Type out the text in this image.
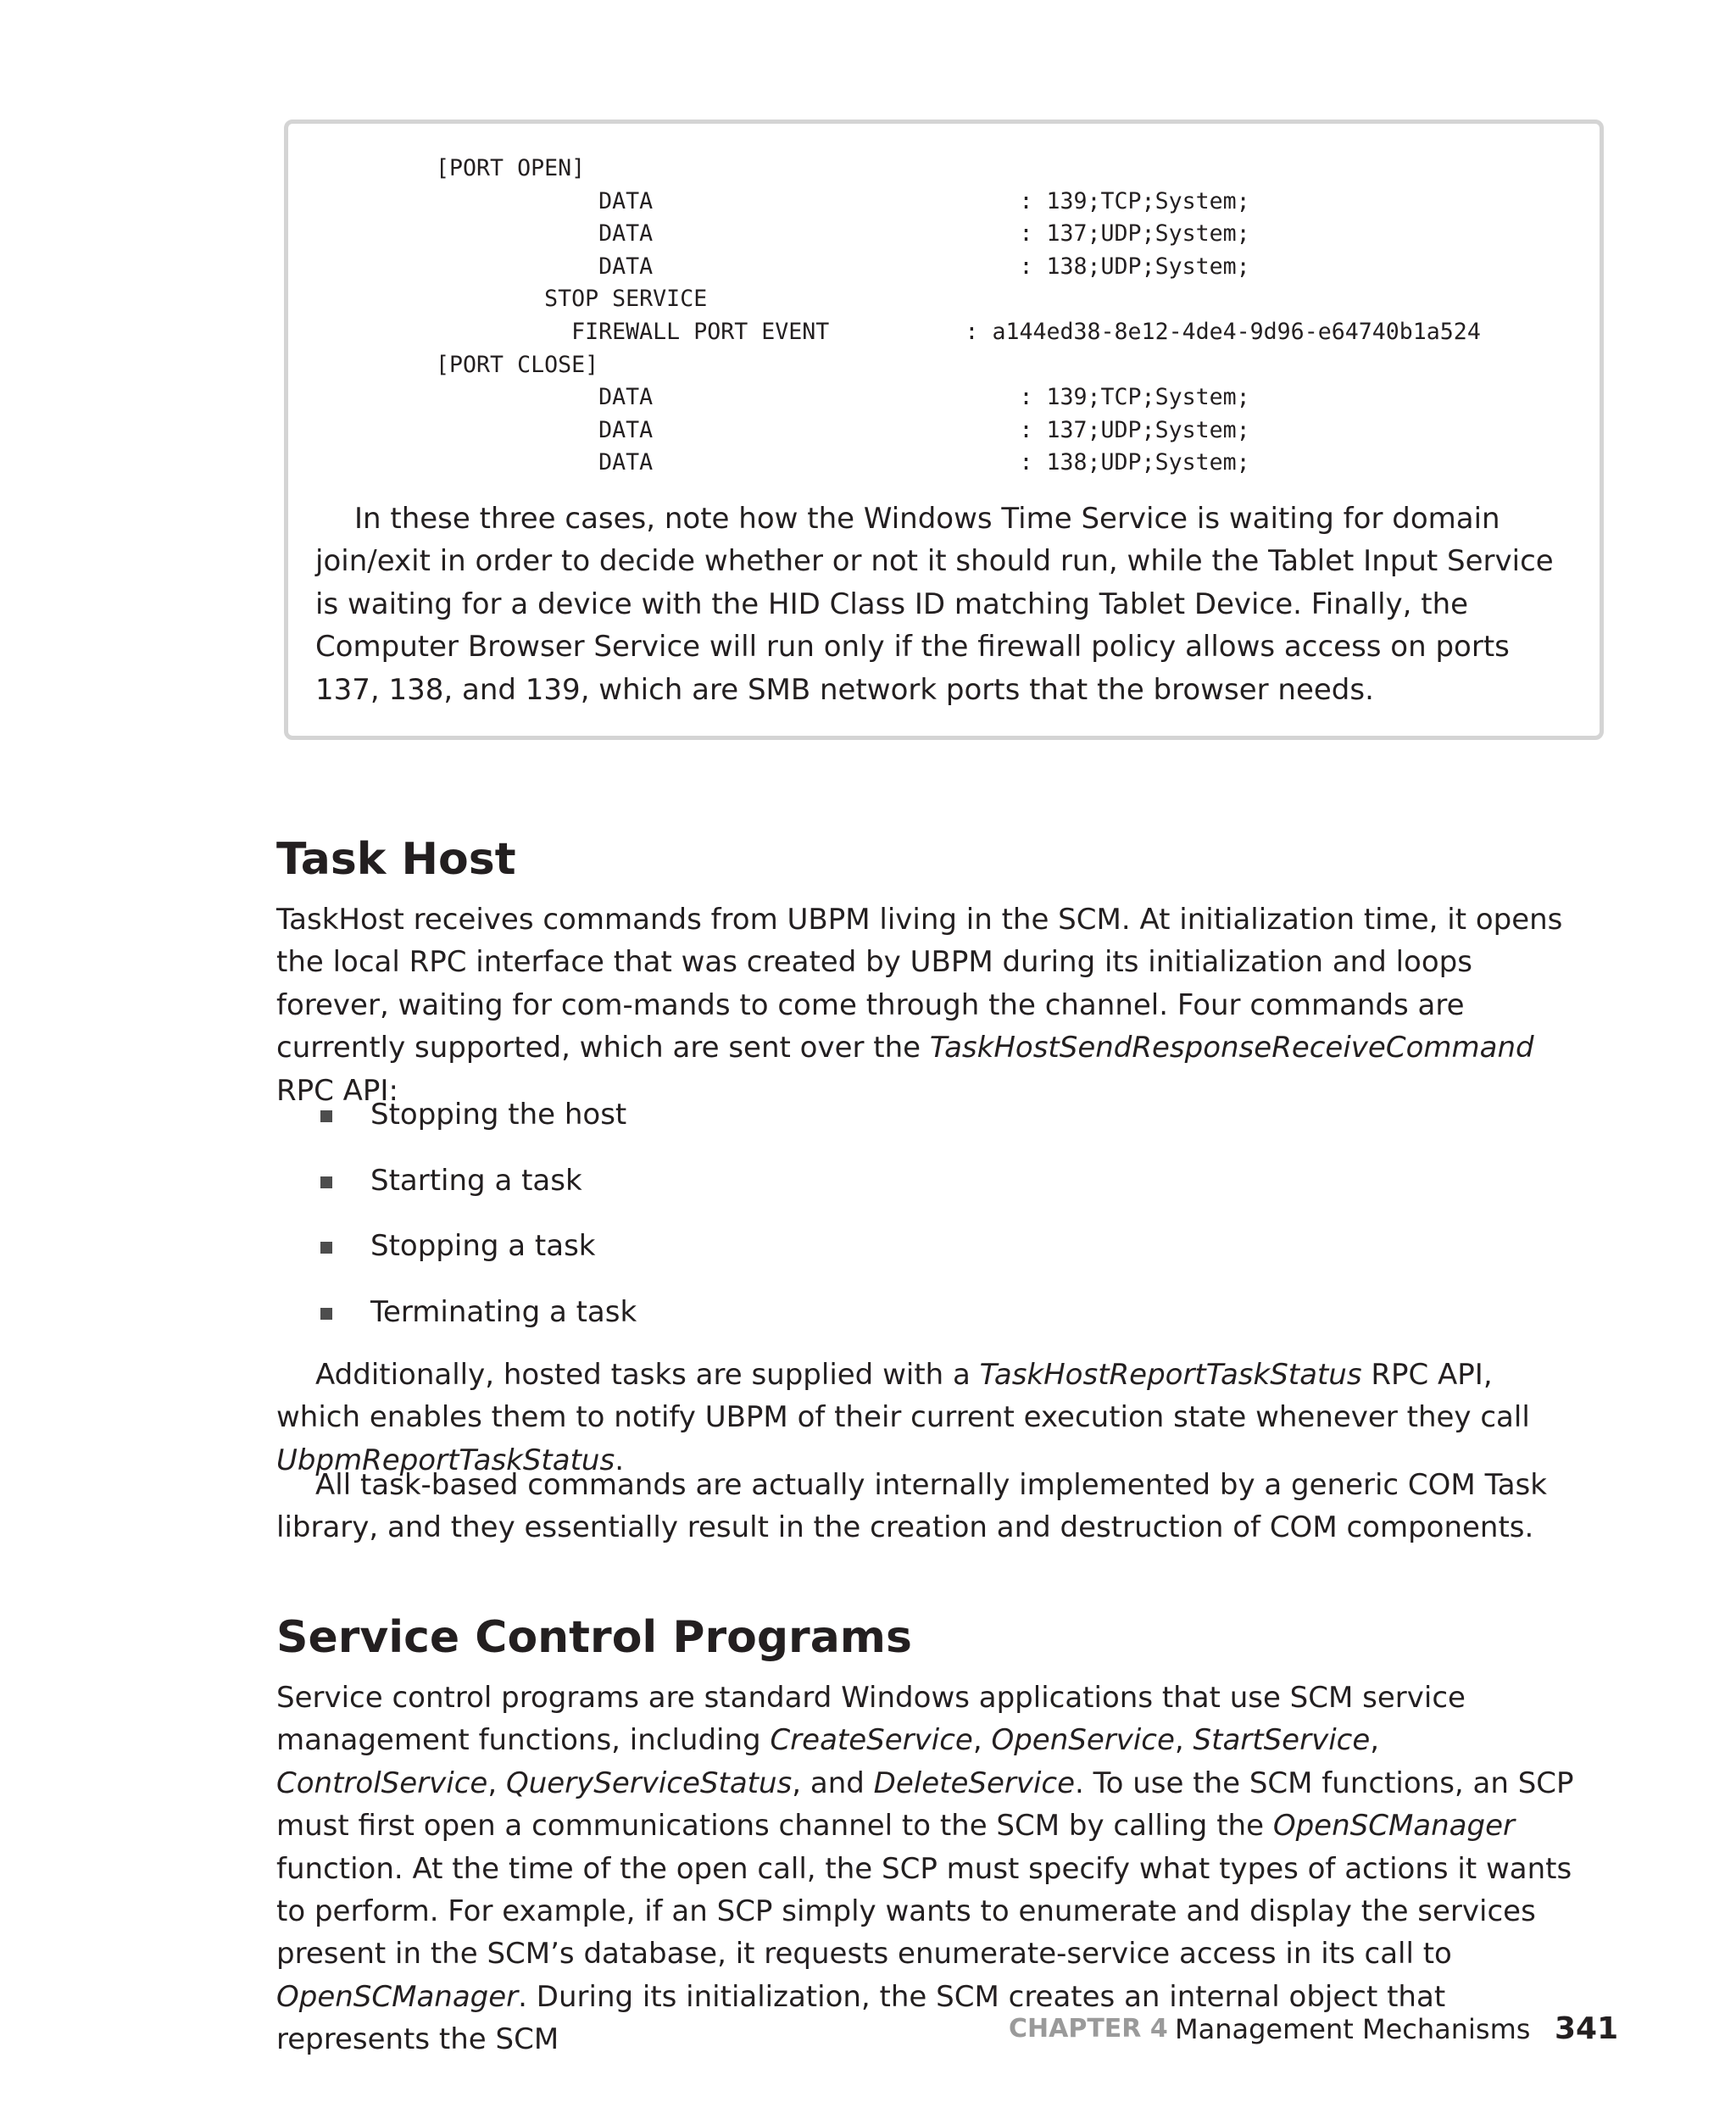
[PORT OPEN]
DATA                           : 139;TCP;System;
DATA                           : 137;UDP;System;
DATA                           : 138;UDP;System;
STOP SERVICE
FIREWALL PORT EVENT          : a144ed38-8e12-4de4-9d96-e64740b1a524
[PORT CLOSE]
DATA                           : 139;TCP;System;
DATA                           : 137;UDP;System;
DATA                           : 138;UDP;System;

In these three cases, note how the Windows Time Service is waiting for domain join/exit in order to decide whether or not it should run, while the Tablet Input Service is waiting for a device with the HID Class ID matching Tablet Device. Finally, the Computer Browser Service will run only if the firewall policy allows access on ports 137, 138, and 139, which are SMB network ports that the browser needs.

Task Host

TaskHost receives commands from UBPM living in the SCM. At initialization time, it opens the local RPC interface that was created by UBPM during its initialization and loops forever, waiting for com-mands to come through the channel. Four commands are currently supported, which are sent over the TaskHostSendResponseReceiveCommand RPC API:

Stopping the host
Starting a task
Stopping a task
Terminating a task

Additionally, hosted tasks are supplied with a TaskHostReportTaskStatus RPC API, which enables them to notify UBPM of their current execution state whenever they call UbpmReportTaskStatus.

All task-based commands are actually internally implemented by a generic COM Task library, and they essentially result in the creation and destruction of COM components.

Service Control Programs

Service control programs are standard Windows applications that use SCM service management functions, including CreateService, OpenService, StartService, ControlService, QueryServiceStatus, and DeleteService. To use the SCM functions, an SCP must first open a communications channel to the SCM by calling the OpenSCManager function. At the time of the open call, the SCP must specify what types of actions it wants to perform. For example, if an SCP simply wants to enumerate and display the services present in the SCM’s database, it requests enumerate-service access in its call to OpenSCManager. During its initialization, the SCM creates an internal object that represents the SCM	CHAPTER 4 Management Mechanisms 341
